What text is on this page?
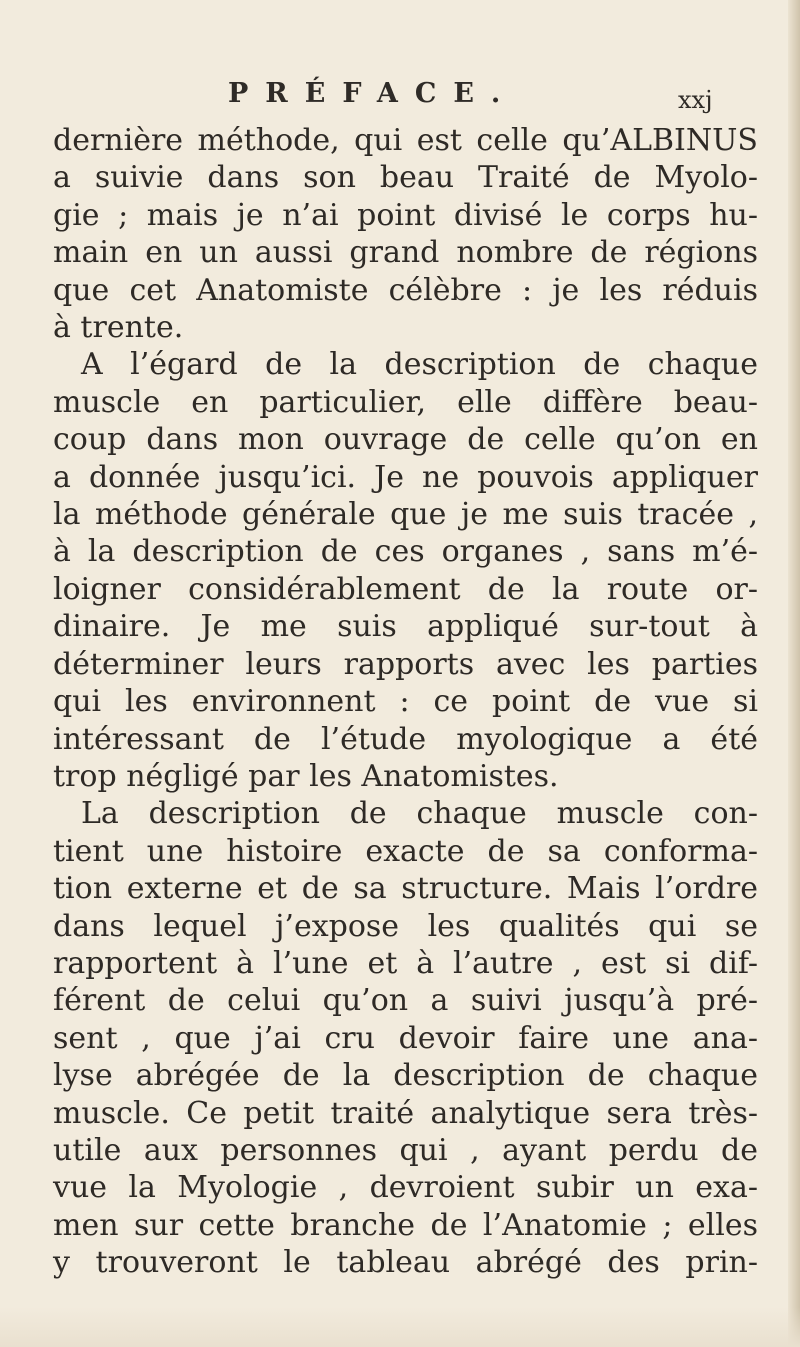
PRÉFACE.	xxj
dernière méthode, qui est celle qu’ALBINUS
a suivie dans son beau Traité de Myolo-
gie ; mais je n’ai point divisé le corps hu-
main en un aussi grand nombre de régions
que cet Anatomiste célèbre : je les réduis
à trente.
A l’égard de la description de chaque
muscle en particulier, elle diffère beau-
coup dans mon ouvrage de celle qu’on en
a donnée jusqu’ici. Je ne pouvois appliquer
la méthode générale que je me suis tracée ,
à la description de ces organes , sans m’é-
loigner considérablement de la route or-
dinaire. Je me suis appliqué sur-tout à
déterminer leurs rapports avec les parties
qui les environnent : ce point de vue si
intéressant de l’étude myologique a été
trop négligé par les Anatomistes.
La description de chaque muscle con-
tient une histoire exacte de sa conforma-
tion externe et de sa structure. Mais l’ordre
dans lequel j’expose les qualités qui se
rapportent à l’une et à l’autre , est si dif-
férent de celui qu’on a suivi jusqu’à pré-
sent , que j’ai cru devoir faire une ana-
lyse abrégée de la description de chaque
muscle. Ce petit traité analytique sera très-
utile aux personnes qui , ayant perdu de
vue la Myologie , devroient subir un exa-
men sur cette branche de l’Anatomie ; elles
y trouveront le tableau abrégé des prin-
